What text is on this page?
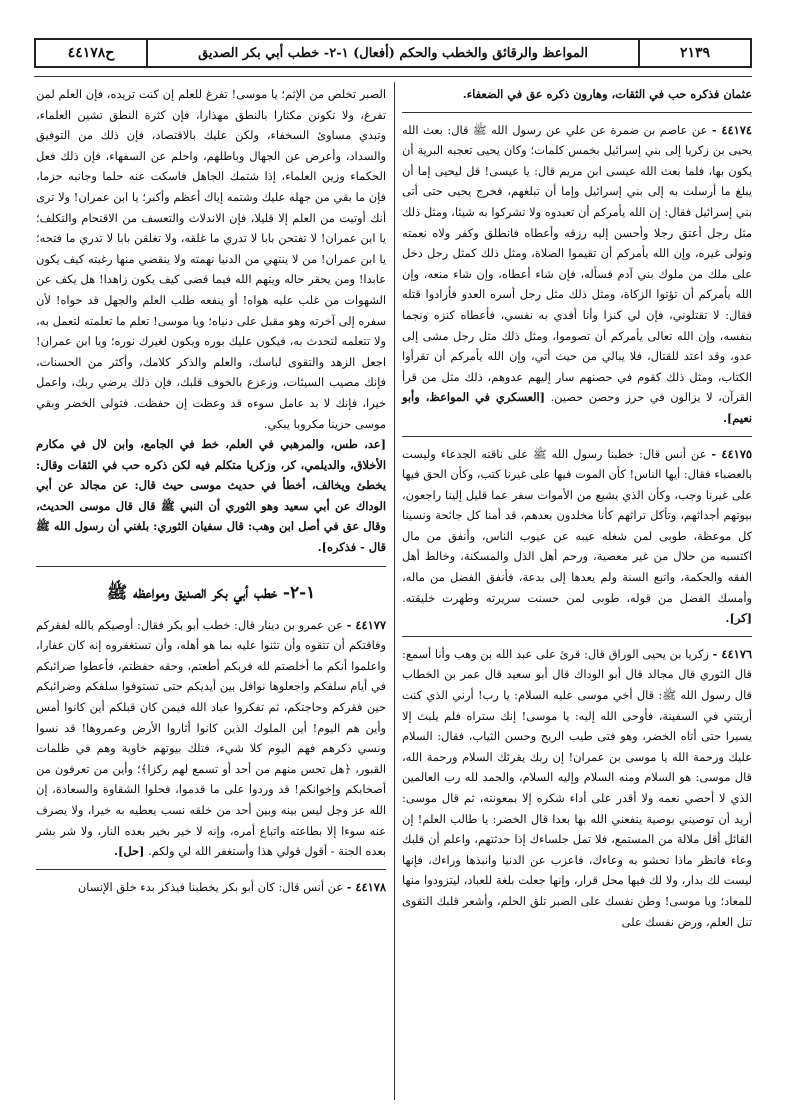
٢١٣٩
المواعظ والرقائق والخطب والحكم (أفعال) ١-٢- خطب أبي بكر الصديق
ح٤٤١٧٨

عثمان فذكره حب في الثقات، وهارون ذكره عق في الضعفاء.

٤٤١٧٤ - عن عاصم بن ضمرة عن علي عن رسول الله ﷺ قال: بعث الله يحيى بن زكريا إلى بني إسرائيل بخمس كلمات؛ وكان يحيى تعجبه البرية أن يكون بها، فلما بعث الله عيسى ابن مريم قال: يا عيسى! قل ليحيى إما أن يبلغ ما أرسلت به إلى بني إسرائيل وإما أن تبلغهم، فخرج يحيى حتى أتى بني إسرائيل فقال: إن الله يأمركم أن تعبدوه ولا تشركوا به شيئا، ومثل ذلك مثل رجل أعتق رجلا وأحسن إليه رزقه وأعطاه فانطلق وكفر ولاه نعمته وتولى غيره، وإن الله يأمركم أن تقيموا الصلاة، ومثل ذلك كمثل رجل دخل على ملك من ملوك بني آدم فسأله، فإن شاء أعطاه، وإن شاء منعه، وإن الله يأمركم أن تؤتوا الزكاة، ومثل ذلك مثل رجل أسره العدو فأرادوا قتله فقال: لا تقتلوني، فإن لي كنزا وأنا أفدي به نفسي، فأعطاه كنزه ونجما بنفسه، وإن الله تعالى يأمركم أن تصوموا، ومثل ذلك مثل رجل مشى إلى عدو، وقد اعتد للقتال، فلا يبالي من حيث أتي، وإن الله يأمركم أن تقرأوا الكتاب، ومثل ذلك كقوم في حصنهم سار إليهم عدوهم، ذلك مثل من قرأ القرآن، لا يزالون في حرز وحصن حصين. [العسكري في المواعظ، وأبو نعيم].

٤٤١٧٥ - عن أنس قال: خطبنا رسول الله ﷺ على ناقته الجدعاء وليست بالعضباء فقال: أيها الناس! كأن الموت فيها على غيرنا كتب، وكأن الحق فيها على غيرنا وجب، وكأن الذي يشيع من الأموات سفر عما قليل إلينا راجعون، بيوتهم أجداثهم، وتأكل تراثهم كأنا مخلدون بعدهم، قد أمنا كل جائحة ونسينا كل موعظة، طوبى لمن شغله عيبه عن عيوب الناس، وأنفق من مال اكتسبه من حلال من غير معصية، ورحم أهل الذل والمسكنة، وخالط أهل الفقه والحكمة، واتبع السنة ولم يعدها إلى بدعة، فأنفق الفضل من ماله، وأمسك الفضل من قوله، طوبى لمن حسنت سريرته وطهرت خليقته. [كر].

٤٤١٧٦ - زكريا بن يحيى الوراق قال: قرئ على عبد الله بن وهب وأنا أسمع: قال الثوري قال مجالد قال أبو الوداك قال أبو سعيد قال عمر بن الخطاب قال رسول الله ﷺ: قال أخي موسى عليه السلام: يا رب! أرني الذي كنت أريتني في السفينة، فأوحى الله إليه: يا موسى! إنك ستراه فلم يلبث إلا يسيرا حتى أتاه الخضر، وهو فتى طيب الريح وحسن الثياب، فقال: السلام عليك ورحمة الله يا موسى بن عمران! إن ربك يقرئك السلام ورحمة الله، قال موسى: هو السلام ومنه السلام وإليه السلام، والحمد لله رب العالمين الذي لا أحصي نعمه ولا أقدر على أداء شكره إلا بمعونته، ثم قال موسى: أريد أن توصيني بوصية ينفعني الله بها بعدا قال الخضر: يا طالب العلم! إن القائل أقل ملالة من المستمع، فلا تمل جلساءك إذا حدثتهم، واعلم أن قلبك وعاء فانظر ماذا تحشو به وعاءك، فاعزب عن الدنيا وانبذها وراءك، فإنها ليست لك بدار، ولا لك فيها محل قرار، وإنها جعلت بلغة للعباد، ليتزودوا منها للمعاد؛ ويا موسى! وطن نفسك على الصبر تلق الحلم، وأشعر قلبك التقوى تنل العلم، ورض نفسك على

الصبر تخلص من الإثم؛ يا موسى! تفرغ للعلم إن كنت تريده، فإن العلم لمن تفرغ، ولا تكونن مكثارا بالنطق مهذارا، فإن كثرة النطق تشين العلماء، وتبدي مساوئ السخفاء، ولكن عليك بالاقتصاد، فإن ذلك من التوفيق والسداد، وأعرض عن الجهال وباطلهم، واحلم عن السفهاء، فإن ذلك فعل الحكماء وزين العلماء، إذا شتمك الجاهل فاسكت عنه حلما وجانبه حزما، فإن ما بقي من جهله عليك وشتمه إياك أعظم وأكبر؛ يا ابن عمران! ولا ترى أنك أوتيت من العلم إلا قليلا، فإن الاندلاث والتعسف من الاقتحام والتكلف؛ يا ابن عمران! لا تفتحن بابا لا تدري ما غلقه، ولا تغلقن بابا لا تدري ما فتحه؛ يا ابن عمران! من لا ينتهي من الدنيا نهمته ولا ينقضي منها رغبته كيف يكون عابدا! ومن يحقر حاله ويتهم الله فيما قضى كيف يكون زاهدا! هل يكف عن الشهوات من غلب عليه هواه! أو ينفعه طلب العلم والجهل قد حواه! لأن سفره إلى آخرته وهو مقبل على دنياه؛ ويا موسى! تعلم ما تعلمته لتعمل به، ولا تتعلمه لتحدث به، فيكون عليك بوره ويكون لغيرك نوره؛ ويا ابن عمران! اجعل الزهد والتقوى لباسك، والعلم والذكر كلامك، وأكثر من الحسنات، فإنك مصيب السيئات، وزعزع بالخوف قلبك، فإن ذلك يرضي ربك، واعمل خيرا، فإنك لا بد عامل سوءه قد وعظت إن حفظت. فتولى الخضر وبقي موسى حزينا مكروبا يبكي.

[عد، طس، والمرهبي في العلم، خط في الجامع، وابن لال في مكارم الأخلاق، والديلمي، كر، وزكريا متكلم فيه لكن ذكره حب في الثقات وقال: يخطئ ويخالف، أخطأ في حديث موسى حيث قال: عن مجالد عن أبي الوداك عن أبي سعيد وهو الثوري أن النبي ﷺ قال قال موسى الحديث، وقال عق في أصل ابن وهب: قال سفيان الثوري: بلغني أن رسول الله ﷺ قال - فذكره].

١-٢- خطب أبي بكر الصديق ومواعظه ﷺ

٤٤١٧٧ - عن عمرو بن دينار قال: خطب أبو بكر فقال: أوصيكم بالله لفقركم وفاقتكم أن تتقوه وأن تثنوا عليه بما هو أهله، وأن تستغفروه إنه كان غفارا، واعلموا أنكم ما أخلصتم لله فربكم أطعتم، وحقه حفظتم، فأعطوا ضرائبكم في أيام سلفكم واجعلوها نوافل بين أيديكم حتى تستوفوا سلفكم وضرائبكم حين فقركم وحاجتكم، ثم تفكروا عباد الله فيمن كان قبلكم أين كانوا أمس وأين هم اليوم! أين الملوك الذين كانوا أثاروا الأرض وعمروها! قد نسوا ونسي ذكرهم فهم اليوم كلا شيء، فتلك بيوتهم خاوية وهم في ظلمات القبور، ﴿هل تحس منهم من أحد أو تسمع لهم ركزا﴾؛ وأين من تعرفون من أصحابكم وإخوانكم! قد وردوا على ما قدموا، فحلوا الشقاوة والسعادة، إن الله عز وجل ليس بينه وبين أحد من خلقه نسب يعطيه به خيرا، ولا يصرف عنه سوءا إلا بطاعته واتباع أمره، وإنه لا خير بخير بعده النار، ولا شر بشر بعده الجنة - أقول قولي هذا وأستغفر الله لي ولكم. [حل].

٤٤١٧٨ - عن أنس قال: كان أبو بكر يخطبنا فيذكر بدء خلق الإنسان
